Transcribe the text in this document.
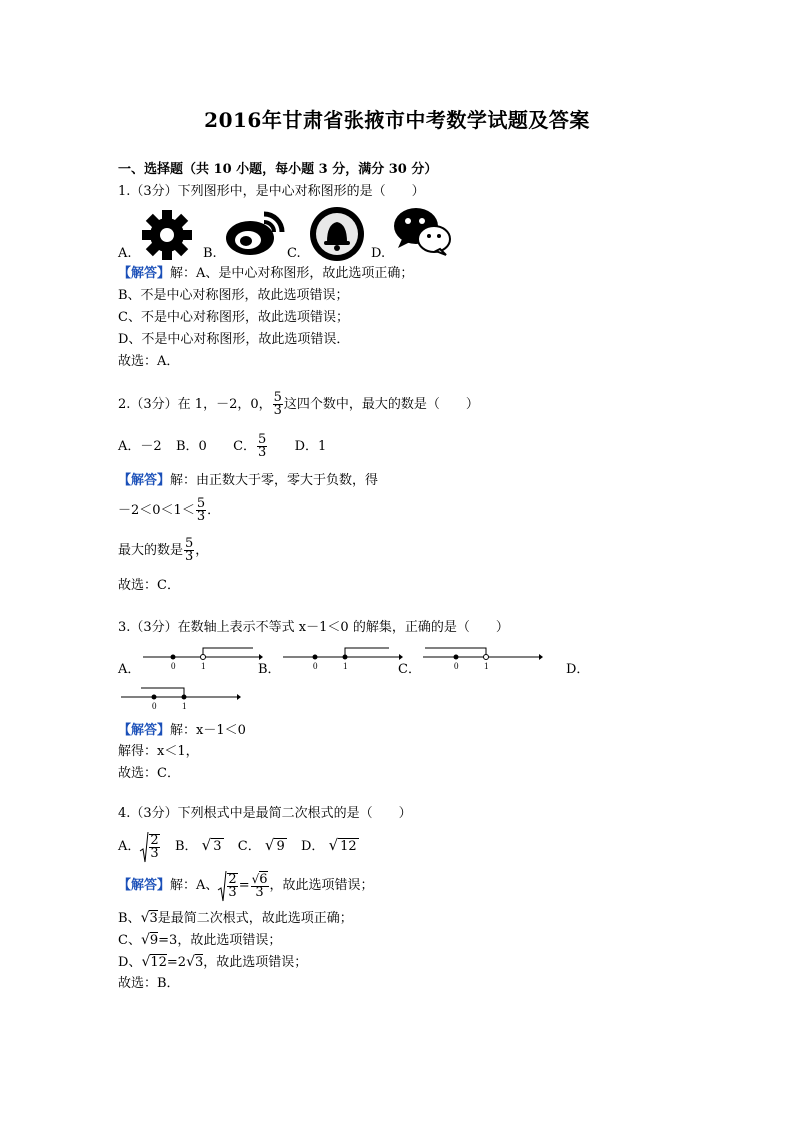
2016年甘肃省张掖市中考数学试题及答案
一、选择题（共 10 小题，每小题 3 分，满分 30 分）
1.（3分）下列图形中，是中心对称图形的是（　　）
A.	B.	C.	D.
【解答】解：A、是中心对称图形，故此选项正确；
B、不是中心对称图形，故此选项错误；
C、不是中心对称图形，故此选项错误；
D、不是中心对称图形，故此选项错误．
故选：A．
2.（3分）在 1，－2，0， $\frac{5}{3}$ 这四个数中，最大的数是（　　）
A．－2 B．0 C． $\frac{5}{3}$ D．1
【解答】解：由正数大于零，零大于负数，得
$-2<0<1< \frac{5}{3}$ ．
最大的数是 $\frac{5}{3}$ ，
故选：C．
3.（3分）在数轴上表示不等式 x－1＜0 的解集，正确的是（　　）
A．	0	1	B．	0	1	C．	0	1	D．
0	1
【解答】解：x－1＜0
解得：x＜1，
故选：C．
4.（3分）下列根式中是最简二次根式的是（　　）
A． $\frac{2}{3}$ B． √ 3 C． √ 9 D． √ 12
【解答】解：A、 $\frac{2}{3} = \frac{√6}{3}$ ，故此选项错误；
B、√3是最简二次根式，故此选项正确；
C、√9=3，故此选项错误；
D、√12=2√3，故此选项错误；
故选：B．
